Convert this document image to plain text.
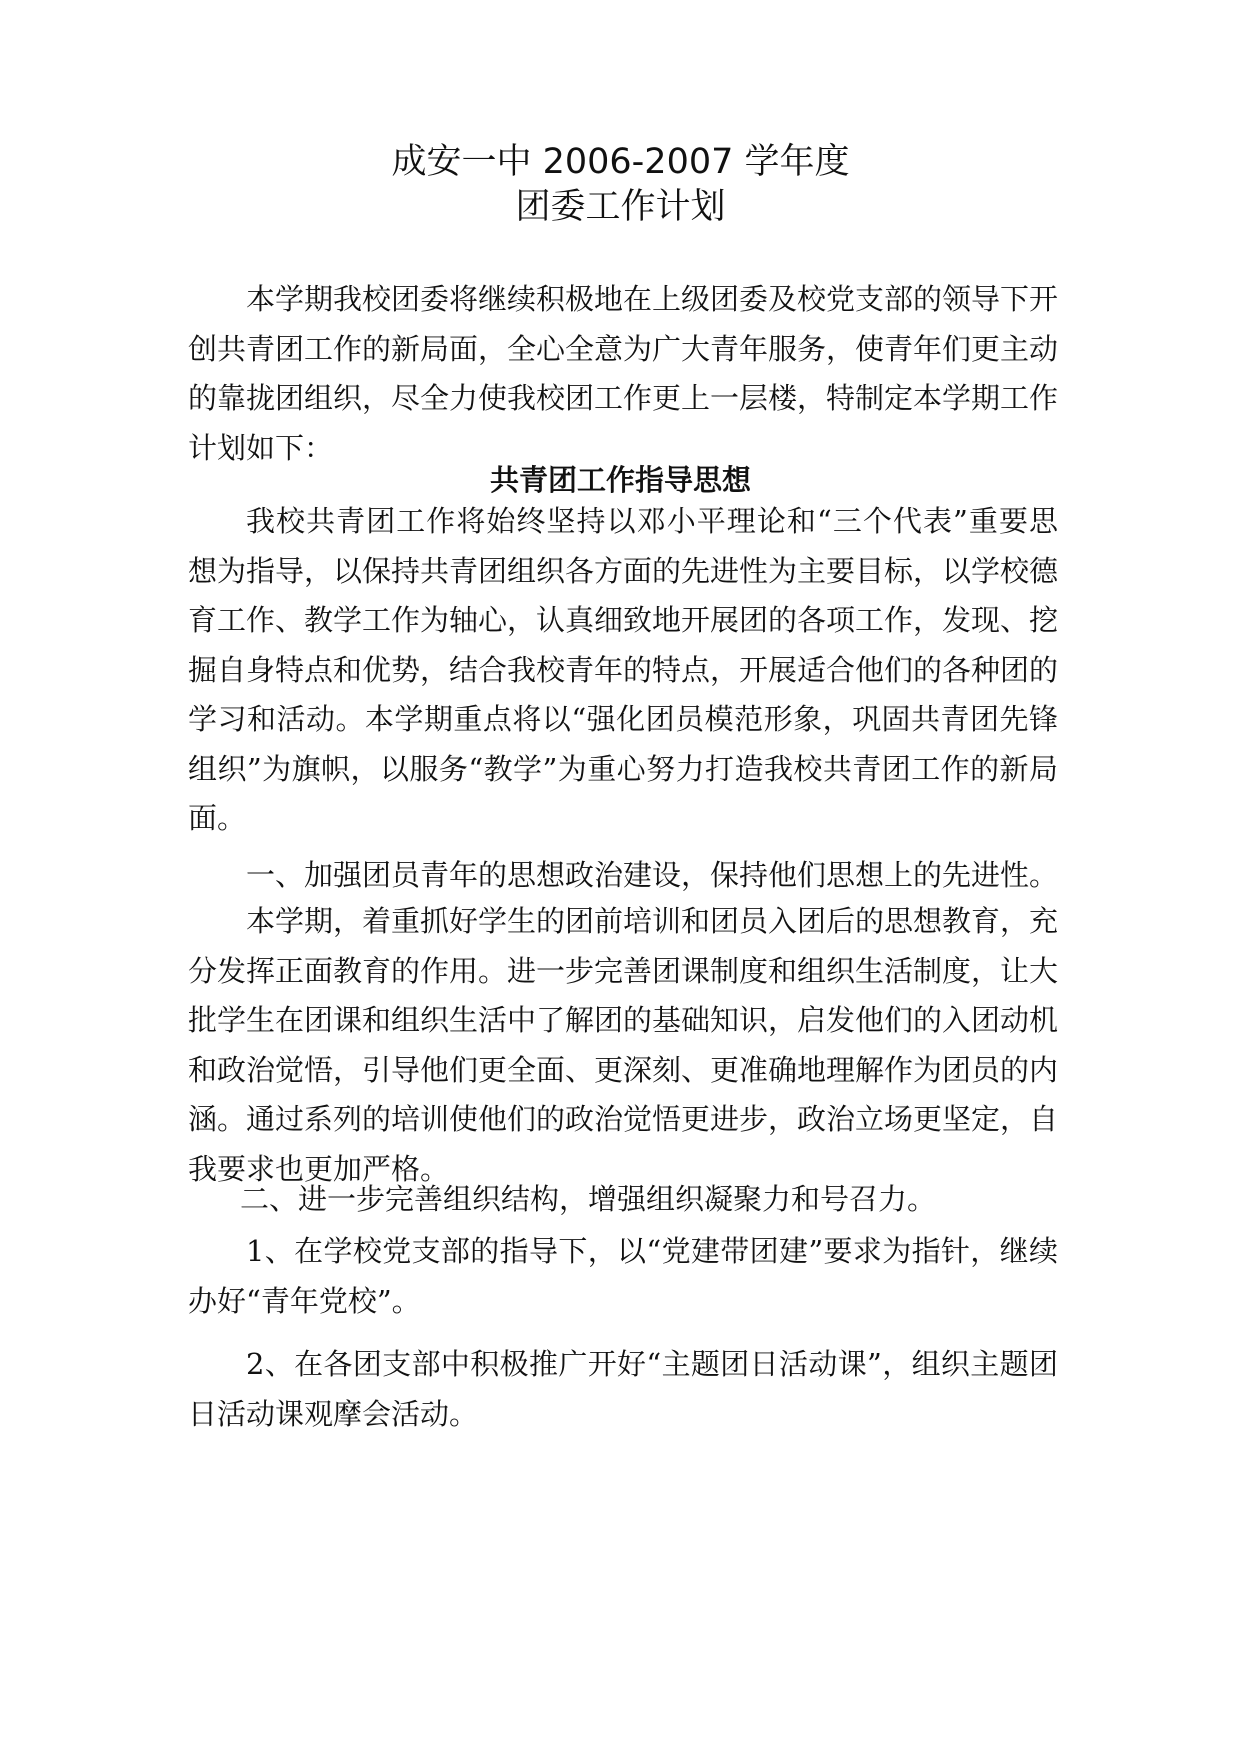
成安一中 2006-2007 学年度
团委工作计划

本学期我校团委将继续积极地在上级团委及校党支部的领导下开创共青团工作的新局面，全心全意为广大青年服务，使青年们更主动的靠拢团组织，尽全力使我校团工作更上一层楼，特制定本学期工作计划如下：

共青团工作指导思想

我校共青团工作将始终坚持以邓小平理论和“三个代表”重要思想为指导，以保持共青团组织各方面的先进性为主要目标，以学校德育工作、教学工作为轴心，认真细致地开展团的各项工作，发现、挖掘自身特点和优势，结合我校青年的特点，开展适合他们的各种团的学习和活动。本学期重点将以“强化团员模范形象，巩固共青团先锋组织”为旗帜，以服务“教学”为重心努力打造我校共青团工作的新局面。

一、加强团员青年的思想政治建设，保持他们思想上的先进性。

本学期，着重抓好学生的团前培训和团员入团后的思想教育，充分发挥正面教育的作用。进一步完善团课制度和组织生活制度，让大批学生在团课和组织生活中了解团的基础知识，启发他们的入团动机和政治觉悟，引导他们更全面、更深刻、更准确地理解作为团员的内涵。通过系列的培训使他们的政治觉悟更进步，政治立场更坚定，自我要求也更加严格。

二、进一步完善组织结构，增强组织凝聚力和号召力。

1、在学校党支部的指导下，以“党建带团建”要求为指针，继续办好“青年党校”。

2、在各团支部中积极推广开好“主题团日活动课”，组织主题团日活动课观摩会活动。
